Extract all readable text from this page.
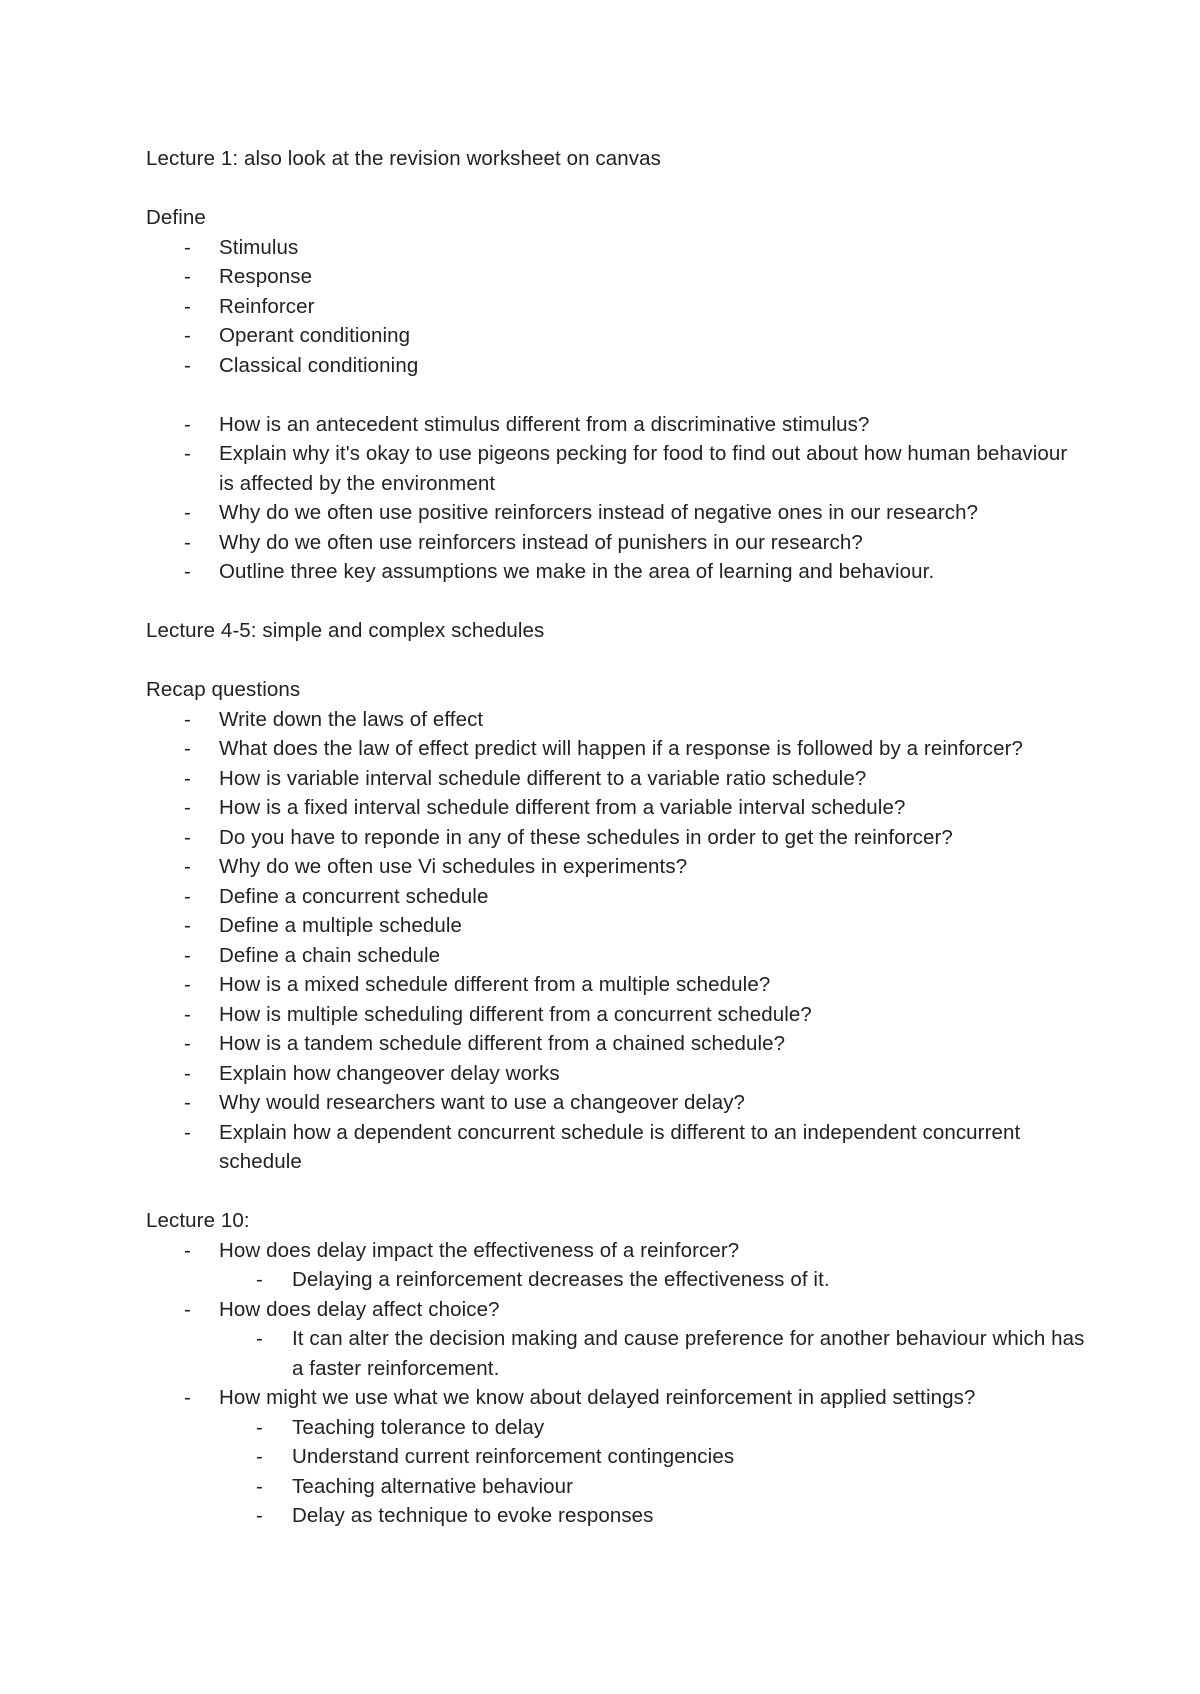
Lecture 1: also look at the revision worksheet on canvas
Define
- Stimulus
- Response
- Reinforcer
- Operant conditioning
- Classical conditioning
- How is an antecedent stimulus different from a discriminative stimulus?
- Explain why it's okay to use pigeons pecking for food to find out about how human behaviour is affected by the environment
- Why do we often use positive reinforcers instead of negative ones in our research?
- Why do we often use reinforcers instead of punishers in our research?
- Outline three key assumptions we make in the area of learning and behaviour.
Lecture 4-5: simple and complex schedules
Recap questions
- Write down the laws of effect
- What does the law of effect predict will happen if a response is followed by a reinforcer?
- How is variable interval schedule different to a variable ratio schedule?
- How is a fixed interval schedule different from a variable interval schedule?
- Do you have to reponde in any of these schedules in order to get the reinforcer?
- Why do we often use Vi schedules in experiments?
- Define a concurrent schedule
- Define a multiple schedule
- Define a chain schedule
- How is a mixed schedule different from a multiple schedule?
- How is multiple scheduling different from a concurrent schedule?
- How is a tandem schedule different from a chained schedule?
- Explain how changeover delay works
- Why would researchers want to use a changeover delay?
- Explain how a dependent concurrent schedule is different to an independent concurrent schedule
Lecture 10:
- How does delay impact the effectiveness of a reinforcer?
- Delaying a reinforcement decreases the effectiveness of it.
- How does delay affect choice?
- It can alter the decision making and cause preference for another behaviour which has a faster reinforcement.
- How might we use what we know about delayed reinforcement in applied settings?
- Teaching tolerance to delay
- Understand current reinforcement contingencies
- Teaching alternative behaviour
- Delay as technique to evoke responses
